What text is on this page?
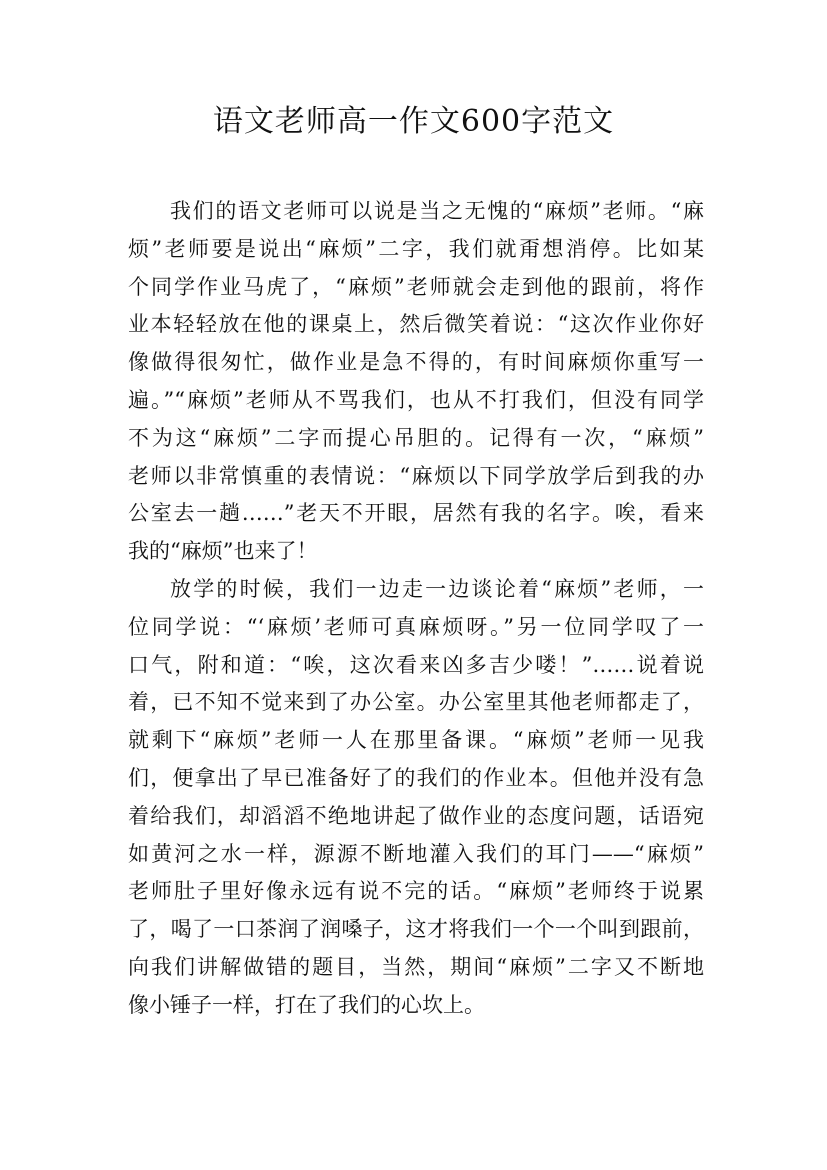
语文老师高一作文600字范文
我们的语文老师可以说是当之无愧的“麻烦”老师。“麻
烦”老师要是说出“麻烦”二字，我们就甭想消停。比如某
个同学作业马虎了，“麻烦”老师就会走到他的跟前，将作
业本轻轻放在他的课桌上，然后微笑着说：“这次作业你好
像做得很匆忙，做作业是急不得的，有时间麻烦你重写一
遍。”“麻烦”老师从不骂我们，也从不打我们，但没有同学
不为这“麻烦”二字而提心吊胆的。记得有一次，“麻烦”
老师以非常慎重的表情说：“麻烦以下同学放学后到我的办
公室去一趟……”老天不开眼，居然有我的名字。唉，看来
我的“麻烦”也来了！
放学的时候，我们一边走一边谈论着“麻烦”老师，一
位同学说：“‘麻烦’老师可真麻烦呀。”另一位同学叹了一
口气，附和道：“唉，这次看来凶多吉少喽！”……说着说
着，已不知不觉来到了办公室。办公室里其他老师都走了，
就剩下“麻烦”老师一人在那里备课。“麻烦”老师一见我
们，便拿出了早已准备好了的我们的作业本。但他并没有急
着给我们，却滔滔不绝地讲起了做作业的态度问题，话语宛
如黄河之水一样，源源不断地灌入我们的耳门——“麻烦”
老师肚子里好像永远有说不完的话。“麻烦”老师终于说累
了，喝了一口茶润了润嗓子，这才将我们一个一个叫到跟前，
向我们讲解做错的题目，当然，期间“麻烦”二字又不断地
像小锤子一样，打在了我们的心坎上。
